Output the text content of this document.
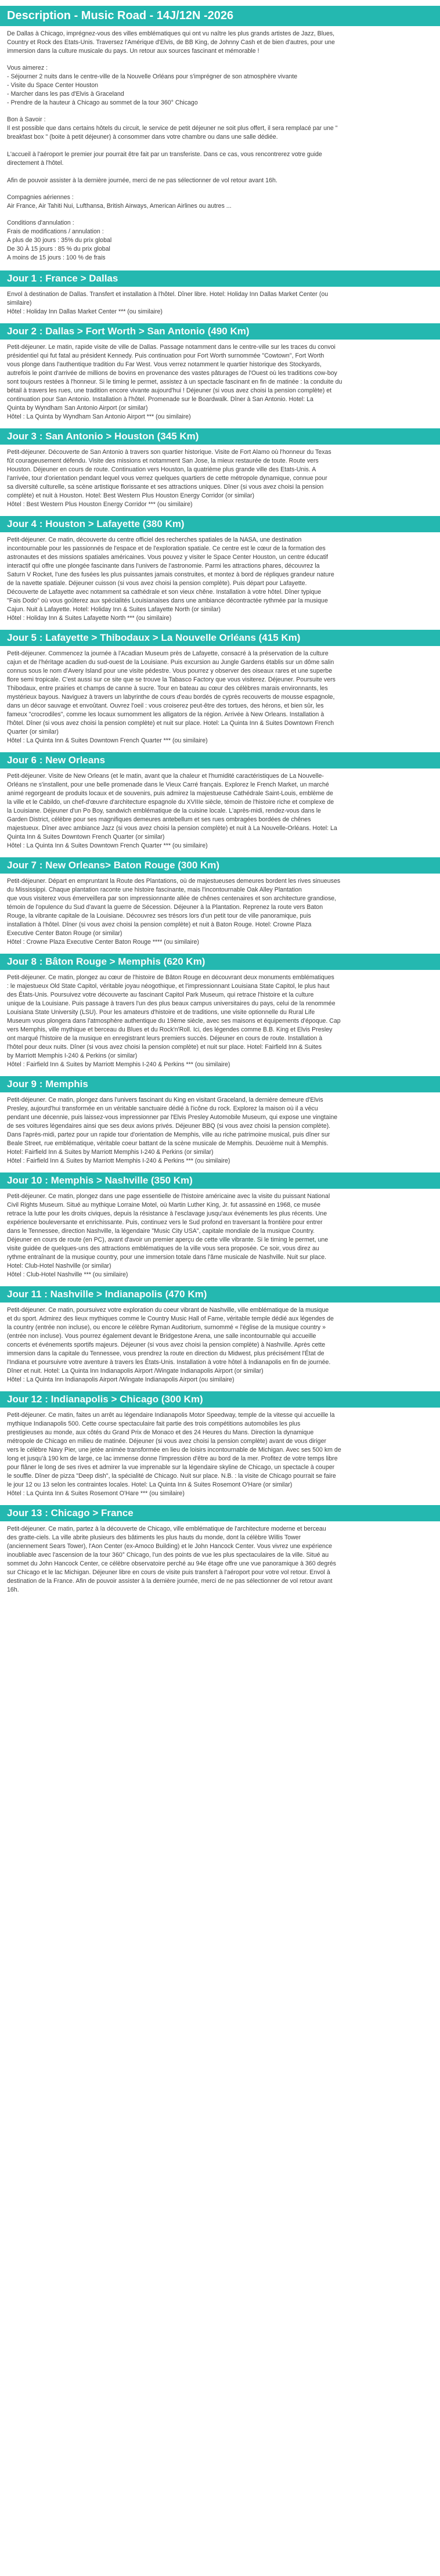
Description - Music Road - 14J/12N -2026
De Dallas à Chicago, imprégnez-vous des villes emblématiques qui ont vu naître les plus grands artistes de Jazz, Blues,
Country et Rock des Etats-Unis. Traversez l'Amérique d'Elvis, de BB King, de Johnny Cash et de bien d'autres, pour une
immersion dans la culture musicale du pays. Un retour aux sources fascinant et mémorable !
Vous aimerez :
- Séjourner 2 nuits dans le centre-ville de la Nouvelle Orléans pour s'imprégner de son atmosphère vivante
- Visite du Space Center Houston
- Marcher dans les pas d'Elvis à Graceland
- Prendre de la hauteur à Chicago au sommet de la tour 360° Chicago
Bon à Savoir :
Il est possible que dans certains hôtels du circuit, le service de petit déjeuner ne soit plus offert, il sera remplacé par une "
breakfast box " (boite à petit déjeuner) à consommer dans votre chambre ou dans une salle dédiée.

L'accueil à l'aéroport le premier jour pourrait être fait par un transferiste. Dans ce cas, vous rencontrerez votre guide
directement à l'hôtel.

Afin de pouvoir assister à la dernière journée, merci de ne pas sélectionner de vol retour avant 16h.
Compagnies aériennes :
Air France, Air Tahiti Nui, Lufthansa, British Airways, American Airlines ou autres ...
Conditions d'annulation :
Frais de modifications / annulation :
A plus de 30 jours : 35% du prix global
De 30 À 15 jours : 85 % du prix global
A moins de 15 jours : 100 % de frais
Jour 1 : France > Dallas
Envol à destination de Dallas. Transfert et installation à l'hôtel. Dîner libre. Hotel: Holiday Inn Dallas Market Center (ou
similaire)
Hôtel : Holiday Inn Dallas Market Center *** (ou similaire)
Jour 2 : Dallas > Fort Worth > San Antonio (490 Km)
Petit-déjeuner. Le matin, rapide visite de ville de Dallas. Passage notamment dans le centre-ville sur les traces du convoi
présidentiel qui fut fatal au président Kennedy. Puis continuation pour Fort Worth surnommée "Cowtown", Fort Worth
vous plonge dans l'authentique tradition du Far West. Vous verrez notamment le quartier historique des Stockyards,
autrefois le point d'arrivée de millions de bovins en provenance des vastes pâturages de l'Ouest où les traditions cow-boy
sont toujours restées à l'honneur. Si le timing le permet, assistez à un spectacle fascinant en fin de matinée : la conduite du
bétail à travers les rues, une tradition encore vivante aujourd'hui ! Déjeuner (si vous avez choisi la pension complète) et
continuation pour San Antonio. Installation à l'hôtel. Promenade sur le Boardwalk. Dîner à San Antonio. Hotel: La
Quinta by Wyndham San Antonio Airport (or similar)
Hôtel : La Quinta by Wyndham San Antonio Airport *** (ou similaire)
Jour 3 : San Antonio > Houston (345 Km)
Petit-déjeuner. Découverte de San Antonio à travers son quartier historique. Visite de Fort Alamo où l'honneur du Texas
fût courageusement défendu. Visite des missions et notamment San Jose, la mieux restaurée de toute. Route vers
Houston. Déjeuner en cours de route. Continuation vers Houston, la quatrième plus grande ville des Etats-Unis. A
l'arrivée, tour d'orientation pendant lequel vous verrez quelques quartiers de cette métropole dynamique, connue pour
sa diversité culturelle, sa scène artistique florissante et ses attractions uniques. Dîner (si vous avez choisi la pension
complète) et nuit à Houston. Hotel: Best Western Plus Houston Energy Corridor (or similar)
Hôtel : Best Western Plus Houston Energy Corridor *** (ou similaire)
Jour 4 : Houston > Lafayette (380 Km)
Petit-déjeuner. Ce matin, découverte du centre officiel des recherches spatiales de la NASA, une destination
incontournable pour les passionnés de l'espace et de l'exploration spatiale. Ce centre est le cœur de la formation des
astronautes et des missions spatiales américaines. Vous pouvez y visiter le Space Center Houston, un centre éducatif
interactif qui offre une plongée fascinante dans l'univers de l'astronomie. Parmi les attractions phares, découvrez la
Saturn V Rocket, l'une des fusées les plus puissantes jamais construites, et montez à bord de répliques grandeur nature
de la navette spatiale. Déjeuner cuisson (si vous avez choisi la pension complète). Puis départ pour Lafayette.
Découverte de Lafayette avec notamment sa cathédrale et son vieux chêne. Installation à votre hôtel. Dîner typique
"Fais Dodo" où vous goûterez aux spécialités Louisianaises dans une ambiance décontractée rythmée par la musique
Cajun. Nuit à Lafayette. Hotel: Holiday Inn & Suites Lafayette North (or similar)
Hôtel : Holiday Inn & Suites Lafayette North *** (ou similaire)
Jour 5 : Lafayette > Thibodaux > La Nouvelle Orléans (415 Km)
Petit-déjeuner. Commencez la journée à l'Acadian Museum près de Lafayette, consacré à la préservation de la culture
cajun et de l'héritage acadien du sud-ouest de la Louisiane. Puis excursion au Jungle Gardens établis sur un dôme salin
connus sous le nom d'Avery Island pour une visite pédestre. Vous pourrez y observer des oiseaux rares et une superbe
flore semi tropicale. C'est aussi sur ce site que se trouve la Tabasco Factory que vous visiterez. Déjeuner. Poursuite vers
Thibodaux, entre prairies et champs de canne à sucre. Tour en bateau au cœur des célèbres marais environnants, les
mystérieux bayous. Naviguez à travers un labyrinthe de cours d'eau bordés de cyprès recouverts de mousse espagnole,
dans un décor sauvage et envoûtant. Ouvrez l'oeil : vous croiserez peut-être des tortues, des hérons, et bien sûr, les
fameux "crocrodiles", comme les locaux surnomment les alligators de la région. Arrivée à New Orleans. Installation à
l'hôtel. Dîner (si vous avez choisi la pension complète) et nuit sur place. Hotel: La Quinta Inn & Suites Downtown French
Quarter (or similar)
Hôtel : La Quinta Inn & Suites Downtown French Quarter *** (ou similaire)
Jour 6 : New Orleans
Petit-déjeuner. Visite de New Orleans (et le matin, avant que la chaleur et l'humidité caractéristiques de La Nouvelle-
Orléans ne s'installent, pour une belle promenade dans le Vieux Carré français. Explorez le French Market, un marché
animé regorgeant de produits locaux et de souvenirs, puis admirez la majestueuse Cathédrale Saint-Louis, emblème de
la ville et le Cabildo, un chef-d'œuvre d'architecture espagnole du XVIIIe siècle, témoin de l'histoire riche et complexe de
la Louisiane. Déjeuner d'un Po Boy, sandwich emblématique de la cuisine locale. L'après-midi, rendez-vous dans le
Garden District, célèbre pour ses magnifiques demeures antebellum et ses rues ombragées bordées de chênes
majestueux. Dîner avec ambiance Jazz (si vous avez choisi la pension complète) et nuit à La Nouvelle-Orléans. Hotel: La
Quinta Inn & Suites Downtown French Quarter (or similar)
Hôtel : La Quinta Inn & Suites Downtown French Quarter *** (ou similaire)
Jour 7 : New Orleans> Baton Rouge (300 Km)
Petit-déjeuner. Départ en empruntant la Route des Plantations, où de majestueuses demeures bordent les rives sinueuses
du Mississippi. Chaque plantation raconte une histoire fascinante, mais l'incontournable Oak Alley Plantation
que vous visiterez vous émerveillera par son impressionnante allée de chênes centenaires et son architecture grandiose,
témoin de l'opulence du Sud d'avant la guerre de Sécession. Déjeuner à la Plantation. Reprenez la route vers Baton
Rouge, la vibrante capitale de la Louisiane. Découvrez ses trésors lors d'un petit tour de ville panoramique, puis
installation à l'hôtel. Dîner (si vous avez choisi la pension complète) et nuit à Baton Rouge. Hotel: Crowne Plaza
Executive Center Baton Rouge (or similar)
Hôtel : Crowne Plaza Executive Center Baton Rouge **** (ou similaire)
Jour 8 : Bâton Rouge > Memphis (620 Km)
Petit-déjeuner. Ce matin, plongez au cœur de l'histoire de Bâton Rouge en découvrant deux monuments emblématiques
: le majestueux Old State Capitol, véritable joyau néogothique, et l'impressionnant Louisiana State Capitol, le plus haut
des États-Unis. Poursuivez votre découverte au fascinant Capitol Park Museum, qui retrace l'histoire et la culture
unique de la Louisiane. Puis passage à travers l'un des plus beaux campus universitaires du pays, celui de la renommée
Louisiana State University (LSU). Pour les amateurs d'histoire et de traditions, une visite optionnelle du Rural Life
Museum vous plongera dans l'atmosphère authentique du 19ème siècle, avec ses maisons et équipements d'époque. Cap
vers Memphis, ville mythique et berceau du Blues et du Rock'n'Roll. Ici, des légendes comme B.B. King et Elvis Presley
ont marqué l'histoire de la musique en enregistrant leurs premiers succès. Déjeuner en cours de route. Installation à
l'hôtel pour deux nuits. Dîner (si vous avez choisi la pension complète) et nuit sur place. Hotel: Fairfield Inn & Suites
by Marriott Memphis I-240 & Perkins (or similar)
Hôtel : Fairfield Inn & Suites by Marriott Memphis I-240 & Perkins *** (ou similaire)
Jour 9 : Memphis
Petit-déjeuner. Ce matin, plongez dans l'univers fascinant du King en visitant Graceland, la dernière demeure d'Elvis
Presley, aujourd'hui transformée en un véritable sanctuaire dédié à l'icône du rock. Explorez la maison où il a vécu
pendant une décennie, puis laissez-vous impressionner par l'Elvis Presley Automobile Museum, qui expose une vingtaine
de ses voitures légendaires ainsi que ses deux avions privés. Déjeuner BBQ (si vous avez choisi la pension complète).
Dans l'après-midi, partez pour un rapide tour d'orientation de Memphis, ville au riche patrimoine musical, puis dîner sur
Beale Street, rue emblématique, véritable coeur battant de la scène musicale de Memphis. Deuxième nuit à Memphis.
Hotel: Fairfield Inn & Suites by Marriott Memphis I-240 & Perkins (or similar)
Hôtel : Fairfield Inn & Suites by Marriott Memphis I-240 & Perkins *** (ou similaire)
Jour 10 : Memphis > Nashville (350 Km)
Petit-déjeuner. Ce matin, plongez dans une page essentielle de l'histoire américaine avec la visite du puissant National
Civil Rights Museum. Situé au mythique Lorraine Motel, où Martin Luther King, Jr. fut assassiné en 1968, ce musée
retrace la lutte pour les droits civiques, depuis la résistance à l'esclavage jusqu'aux événements les plus récents. Une
expérience bouleversante et enrichissante. Puis, continuez vers le Sud profond en traversant la frontière pour entrer
dans le Tennessee, direction Nashville, la légendaire "Music City USA", capitale mondiale de la musique Country.
Déjeuner en cours de route (en PC), avant d'avoir un premier aperçu de cette ville vibrante. Si le timing le permet, une
visite guidée de quelques-uns des attractions emblématiques de la ville vous sera proposée. Ce soir, vous direz au
rythme entraînant de la musique country, pour une immersion totale dans l'âme musicale de Nashville. Nuit sur place.
Hotel: Club-Hotel Nashville (or similar)
Hôtel : Club-Hotel Nashville *** (ou similaire)
Jour 11 : Nashville > Indianapolis (470 Km)
Petit-déjeuner. Ce matin, poursuivez votre exploration du coeur vibrant de Nashville, ville emblématique de la musique
et du sport. Admirez des lieux mythiques comme le Country Music Hall of Fame, véritable temple dédié aux légendes de
la country (entrée non incluse), ou encore le célèbre Ryman Auditorium, surnommé « l'église de la musique country »
(entrée non incluse). Vous pourrez également devant le Bridgestone Arena, une salle incontournable qui accueille
concerts et événements sportifs majeurs. Déjeuner (si vous avez choisi la pension complète) à Nashville. Après cette
immersion dans la capitale du Tennessee, vous prendrez la route en direction du Midwest, plus précisément l'État de
l'Indiana et poursuivre votre aventure à travers les États-Unis. Installation à votre hôtel à Indianapolis en fin de journée.
Dîner et nuit. Hotel: La Quinta Inn Indianapolis Airport /Wingate Indianapolis Airport (or similar)
Hôtel : La Quinta Inn Indianapolis Airport /Wingate Indianapolis Airport (ou similaire)
Jour 12 : Indianapolis > Chicago (300 Km)
Petit-déjeuner. Ce matin, faites un arrêt au légendaire Indianapolis Motor Speedway, temple de la vitesse qui accueille la
mythique Indianapolis 500. Cette course spectaculaire fait partie des trois compétitions automobiles les plus
prestigieuses au monde, aux côtés du Grand Prix de Monaco et des 24 Heures du Mans. Direction la dynamique
métropole de Chicago en milieu de matinée. Déjeuner (si vous avez choisi la pension complète) avant de vous diriger
vers le célèbre Navy Pier, une jetée animée transformée en lieu de loisirs incontournable de Michigan. Avec ses 500 km de
long et jusqu'à 190 km de large, ce lac immense donne l'impression d'être au bord de la mer. Profitez de votre temps libre
pour flâner le long de ses rives et admirer la vue imprenable sur la légendaire skyline de Chicago, un spectacle à couper
le souffle. Dîner de pizza "Deep dish", la spécialité de Chicago. Nuit sur place. N.B. : la visite de Chicago pourrait se faire
le jour 12 ou 13 selon les contraintes locales. Hotel: La Quinta Inn & Suites Rosemont O'Hare (or similar)
Hôtel : La Quinta Inn & Suites Rosemont O'Hare *** (ou similaire)
Jour 13 : Chicago > France
Petit-déjeuner. Ce matin, partez à la découverte de Chicago, ville emblématique de l'architecture moderne et berceau
des gratte-ciels. La ville abrite plusieurs des bâtiments les plus hauts du monde, dont la célèbre Willis Tower
(anciennement Sears Tower), l'Aon Center (ex-Amoco Building) et le John Hancock Center. Vous vivrez une expérience
inoubliable avec l'ascension de la tour 360° Chicago, l'un des points de vue les plus spectaculaires de la ville. Situé au
sommet du John Hancock Center, ce célèbre observatoire perché au 94e étage offre une vue panoramique à 360 degrés
sur Chicago et le lac Michigan. Déjeuner libre en cours de visite puis transfert à l'aéroport pour votre vol retour. Envol à
destination de la France. Afin de pouvoir assister à la dernière journée, merci de ne pas sélectionner de vol retour avant
16h.
